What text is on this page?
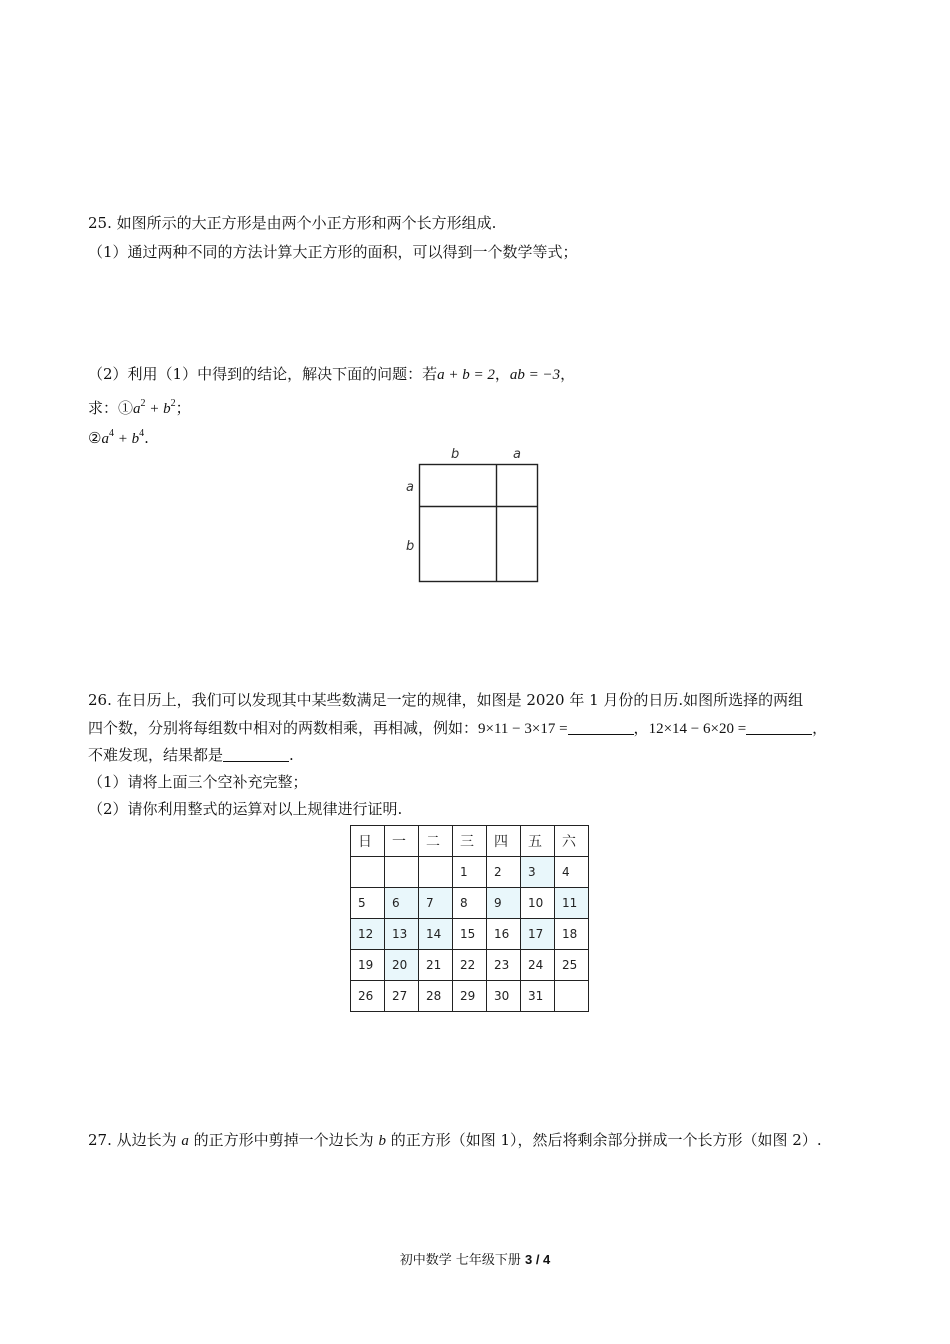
25. 如图所示的大正方形是由两个小正方形和两个长方形组成.
（1）通过两种不同的方法计算大正方形的面积，可以得到一个数学等式；
（2）利用（1）中得到的结论，解决下面的问题：若a + b = 2，ab = −3，
求：$①a^2 + b^2$；
$②a^4 + b^4$.
b	a
a
b
26. 在日历上，我们可以发现其中某些数满足一定的规律，如图是 2020 年 1 月份的日历.如图所选择的两组
四个数，分别将每组数中相对的两数相乘，再相减，例如：9×11 − 3×17 =	，12×14 − 6×20 =	，
不难发现，结果都是	.
（1）请将上面三个空补充完整；
（2）请你利用整式的运算对以上规律进行证明.
日	一	二	三	四	五	六
			1	2	3	4
5	6	7	8	9	10	11
12	13	14	15	16	17	18
19	20	21	22	23	24	25
26	27	28	29	30	31	
27. 从边长为 a 的正方形中剪掉一个边长为 b 的正方形（如图 1），然后将剩余部分拼成一个长方形（如图 2）.
初中数学 七年级下册 3 / 4
